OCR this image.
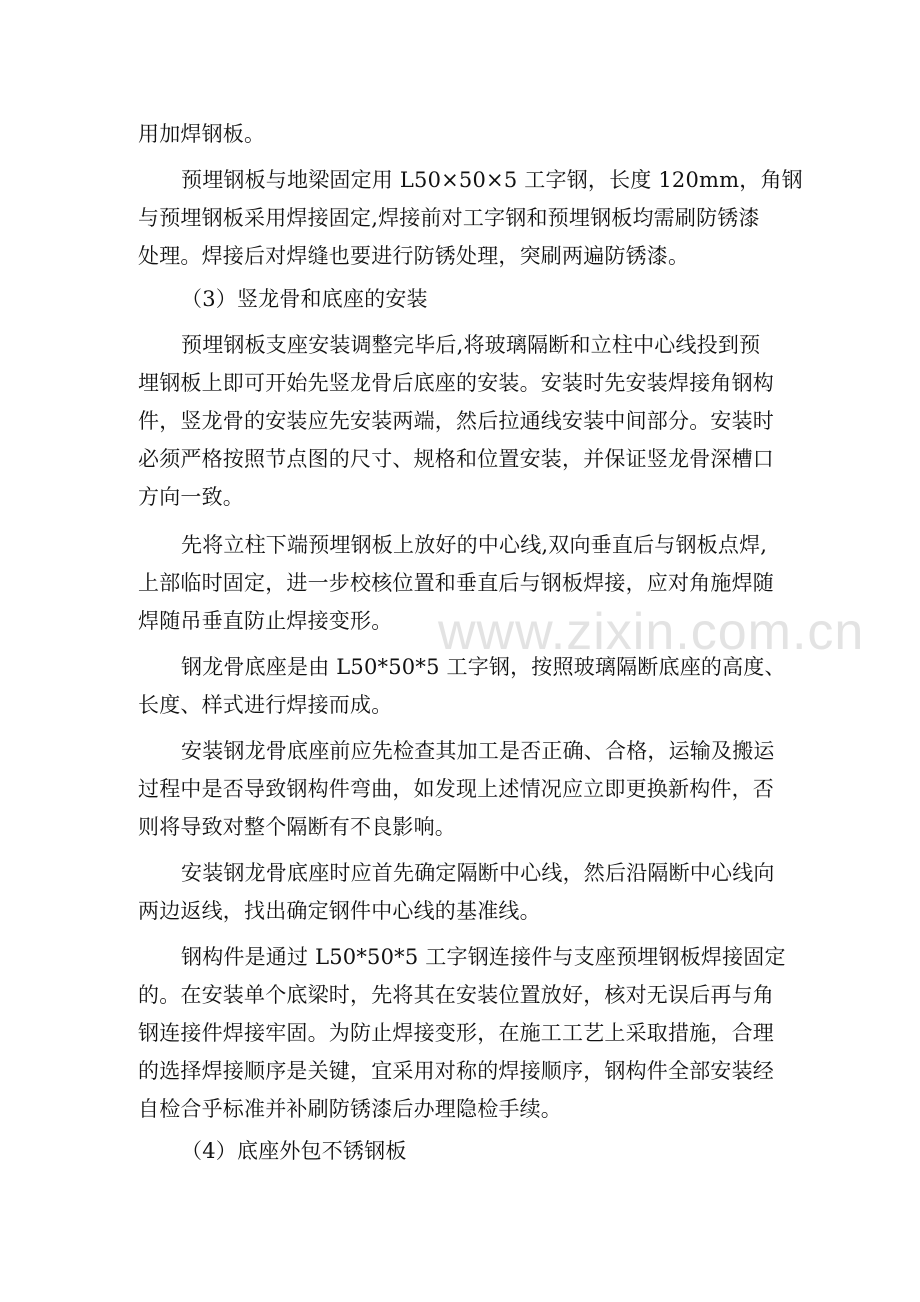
www.zixin.com.cn
用加焊钢板。
预埋钢板与地梁固定用 L50×50×5 工字钢，长度 120mm，角钢
与预埋钢板采用焊接固定,焊接前对工字钢和预埋钢板均需刷防锈漆
处理。焊接后对焊缝也要进行防锈处理，突刷两遍防锈漆。
（3）竖龙骨和底座的安装
预埋钢板支座安装调整完毕后,将玻璃隔断和立柱中心线投到预
埋钢板上即可开始先竖龙骨后底座的安装。安装时先安装焊接角钢构
件，竖龙骨的安装应先安装两端，然后拉通线安装中间部分。安装时
必须严格按照节点图的尺寸、规格和位置安装，并保证竖龙骨深槽口
方向一致。
先将立柱下端预埋钢板上放好的中心线,双向垂直后与钢板点焊,
上部临时固定，进一步校核位置和垂直后与钢板焊接，应对角施焊随
焊随吊垂直防止焊接变形。
钢龙骨底座是由 L50*50*5 工字钢，按照玻璃隔断底座的高度、
长度、样式进行焊接而成。
安装钢龙骨底座前应先检查其加工是否正确、合格，运输及搬运
过程中是否导致钢构件弯曲，如发现上述情况应立即更换新构件，否
则将导致对整个隔断有不良影响。
安装钢龙骨底座时应首先确定隔断中心线，然后沿隔断中心线向
两边返线，找出确定钢件中心线的基准线。
钢构件是通过 L50*50*5 工字钢连接件与支座预埋钢板焊接固定
的。在安装单个底梁时，先将其在安装位置放好，核对无误后再与角
钢连接件焊接牢固。为防止焊接变形，在施工工艺上采取措施，合理
的选择焊接顺序是关键，宜采用对称的焊接顺序，钢构件全部安装经
自检合乎标准并补刷防锈漆后办理隐检手续。
（4）底座外包不锈钢板
